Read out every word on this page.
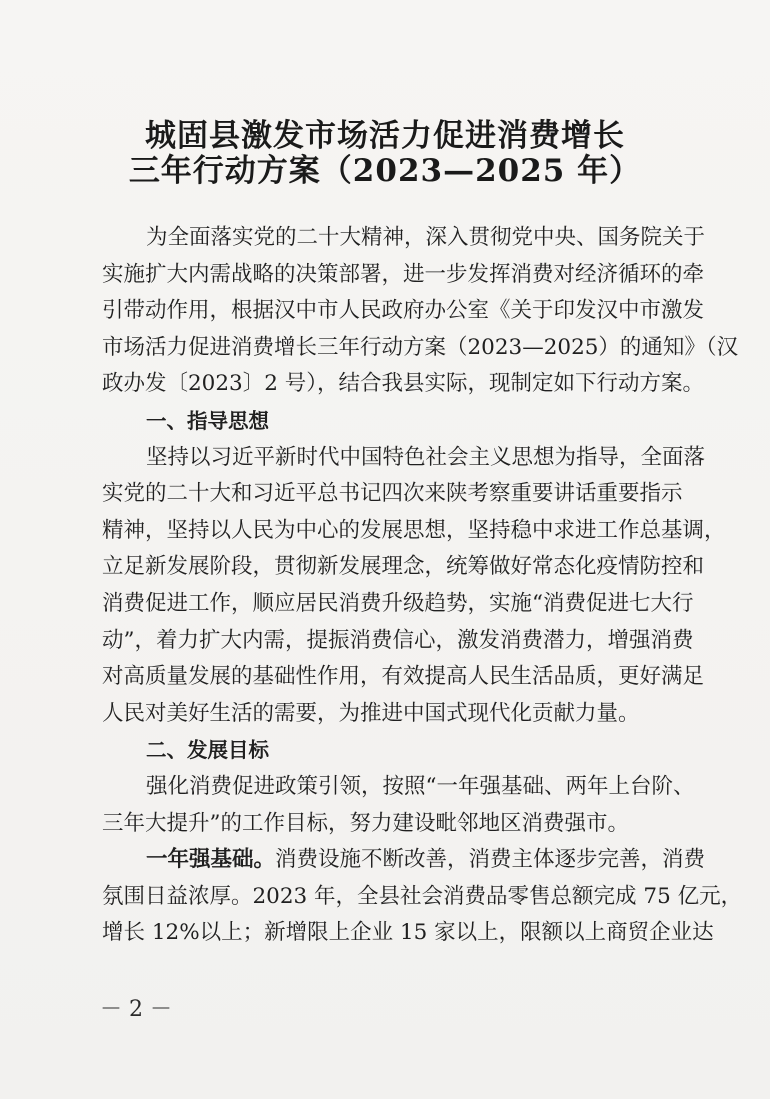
城固县激发市场活力促进消费增长
三年行动方案（2023—2025 年）
为全面落实党的二十大精神，深入贯彻党中央、国务院关于
实施扩大内需战略的决策部署，进一步发挥消费对经济循环的牵
引带动作用，根据汉中市人民政府办公室《关于印发汉中市激发
市场活力促进消费增长三年行动方案（2023—2025）的通知》（汉
政办发〔2023〕2 号），结合我县实际，现制定如下行动方案。
一、指导思想
坚持以习近平新时代中国特色社会主义思想为指导，全面落
实党的二十大和习近平总书记四次来陕考察重要讲话重要指示
精神，坚持以人民为中心的发展思想，坚持稳中求进工作总基调，
立足新发展阶段，贯彻新发展理念，统筹做好常态化疫情防控和
消费促进工作，顺应居民消费升级趋势，实施“消费促进七大行
动”，着力扩大内需，提振消费信心，激发消费潜力，增强消费
对高质量发展的基础性作用，有效提高人民生活品质，更好满足
人民对美好生活的需要，为推进中国式现代化贡献力量。
二、发展目标
强化消费促进政策引领，按照“一年强基础、两年上台阶、
三年大提升”的工作目标，努力建设毗邻地区消费强市。
一年强基础。消费设施不断改善，消费主体逐步完善，消费
氛围日益浓厚。2023 年，全县社会消费品零售总额完成 75 亿元，
增长 12%以上；新增限上企业 15 家以上，限额以上商贸企业达
－ 2 －
